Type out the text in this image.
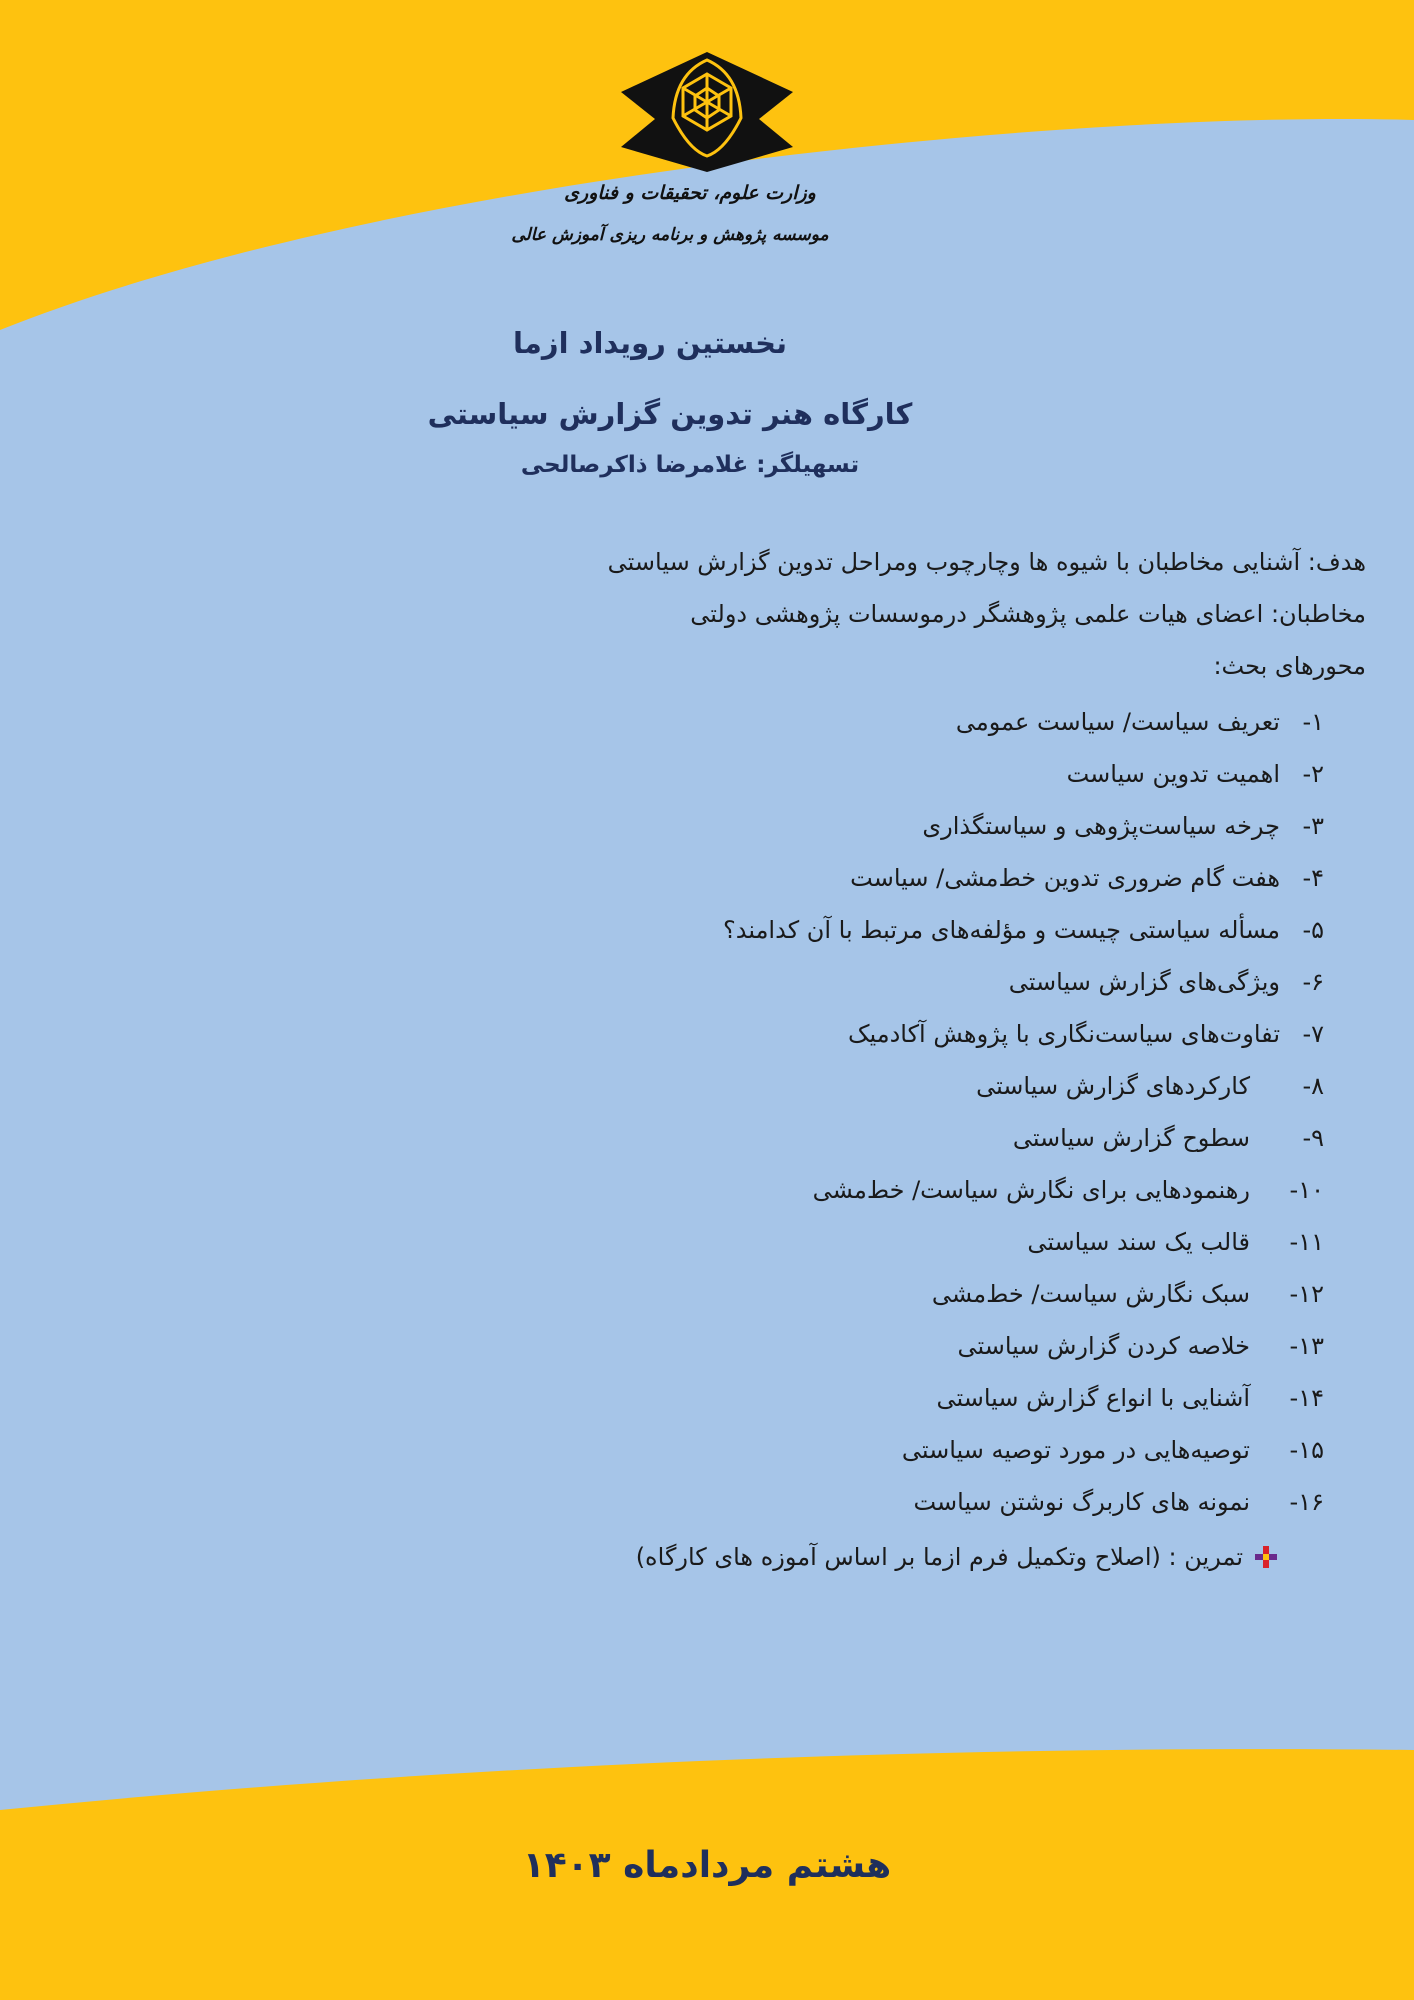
وزارت علوم، تحقیقات و فناوری
موسسه پژوهش و برنامه ریزی آموزش عالی
نخستین رویداد ازما
کارگاه هنر تدوین گزارش سیاستی
تسهیلگر: غلامرضا ذاکرصالحی
هدف: آشنایی مخاطبان با شیوه ها وچارچوب ومراحل تدوین گزارش سیاستی
مخاطبان: اعضای هیات علمی پژوهشگر درموسسات پژوهشی دولتی
محورهای بحث:
۱-
تعریف سیاست/ سیاست عمومی
۲-
اهمیت تدوین سیاست
۳-
چرخه سیاست‌پژوهی و سیاستگذاری
۴-
هفت گام ضروری تدوین خط‌مشی/ سیاست
۵-
مسأله سیاستی چیست و مؤلفه‌های مرتبط با آن کدامند؟
۶-
ویژگی‌های گزارش سیاستی
۷-
تفاوت‌های سیاست‌نگاری با پژوهش آکادمیک
۸-
کارکردهای گزارش سیاستی
۹-
سطوح گزارش سیاستی
۱۰-
رهنمودهایی برای نگارش سیاست/ خط‌مشی
۱۱-
قالب یک سند سیاستی
۱۲-
سبک نگارش سیاست/ خط‌مشی
۱۳-
خلاصه کردن گزارش سیاستی
۱۴-
آشنایی با انواع گزارش سیاستی
۱۵-
توصیه‌هایی در مورد توصیه سیاستی
۱۶-
نمونه های کاربرگ نوشتن سیاست
تمرین : (اصلاح وتکمیل فرم ازما بر اساس آموزه های کارگاه)
هشتم مردادماه ۱۴۰۳
